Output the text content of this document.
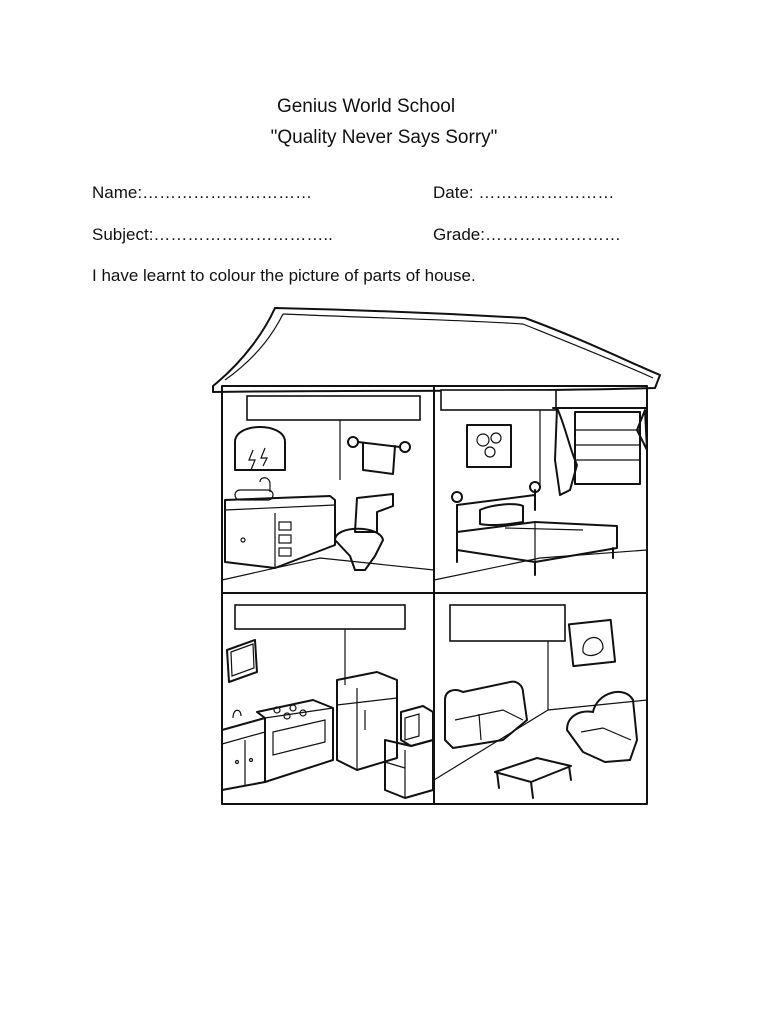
Genius World School
"Quality Never Says Sorry"
Name:…………………………	Date: ……………………
Subject:…………………………..	Grade:……………………
I have learnt to colour the picture of parts of house.
